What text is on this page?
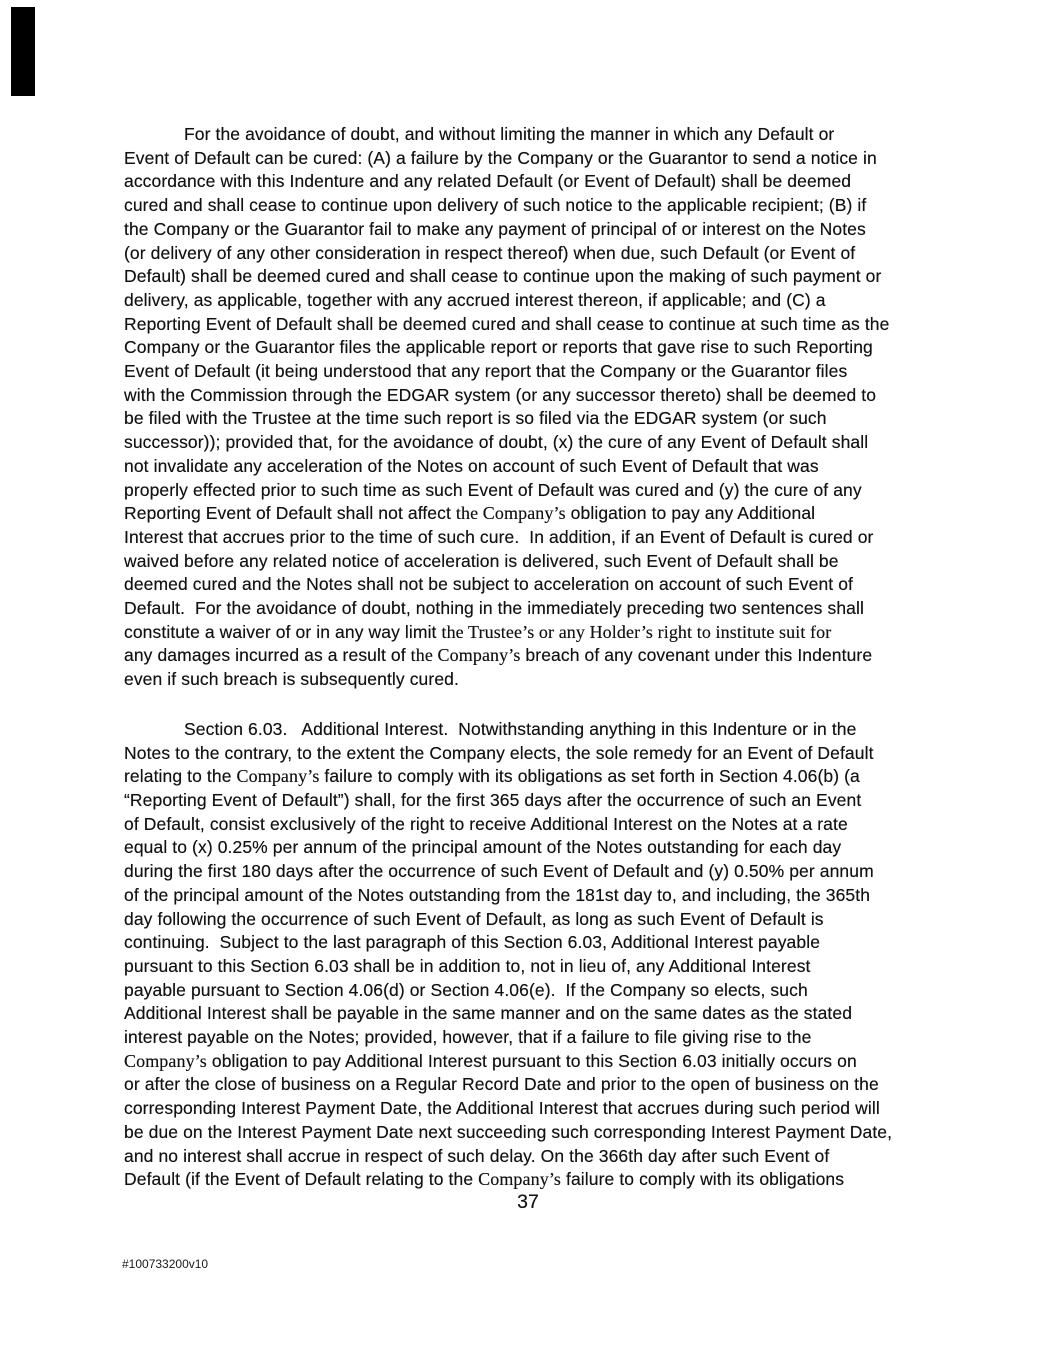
For the avoidance of doubt, and without limiting the manner in which any Default or
Event of Default can be cured: (A) a failure by the Company or the Guarantor to send a notice in
accordance with this Indenture and any related Default (or Event of Default) shall be deemed
cured and shall cease to continue upon delivery of such notice to the applicable recipient; (B) if
the Company or the Guarantor fail to make any payment of principal of or interest on the Notes
(or delivery of any other consideration in respect thereof) when due, such Default (or Event of
Default) shall be deemed cured and shall cease to continue upon the making of such payment or
delivery, as applicable, together with any accrued interest thereon, if applicable; and (C) a
Reporting Event of Default shall be deemed cured and shall cease to continue at such time as the
Company or the Guarantor files the applicable report or reports that gave rise to such Reporting
Event of Default (it being understood that any report that the Company or the Guarantor files
with the Commission through the EDGAR system (or any successor thereto) shall be deemed to
be filed with the Trustee at the time such report is so filed via the EDGAR system (or such
successor)); provided that, for the avoidance of doubt, (x) the cure of any Event of Default shall
not invalidate any acceleration of the Notes on account of such Event of Default that was
properly effected prior to such time as such Event of Default was cured and (y) the cure of any
Reporting Event of Default shall not affect the Company’s obligation to pay any Additional
Interest that accrues prior to the time of such cure.  In addition, if an Event of Default is cured or
waived before any related notice of acceleration is delivered, such Event of Default shall be
deemed cured and the Notes shall not be subject to acceleration on account of such Event of
Default.  For the avoidance of doubt, nothing in the immediately preceding two sentences shall
constitute a waiver of or in any way limit the Trustee’s or any Holder’s right to institute suit for
any damages incurred as a result of the Company’s breach of any covenant under this Indenture
even if such breach is subsequently cured.
Section 6.03.   Additional Interest.  Notwithstanding anything in this Indenture or in the
Notes to the contrary, to the extent the Company elects, the sole remedy for an Event of Default
relating to the Company’s failure to comply with its obligations as set forth in Section 4.06(b) (a
“Reporting Event of Default”) shall, for the first 365 days after the occurrence of such an Event
of Default, consist exclusively of the right to receive Additional Interest on the Notes at a rate
equal to (x) 0.25% per annum of the principal amount of the Notes outstanding for each day
during the first 180 days after the occurrence of such Event of Default and (y) 0.50% per annum
of the principal amount of the Notes outstanding from the 181st day to, and including, the 365th
day following the occurrence of such Event of Default, as long as such Event of Default is
continuing.  Subject to the last paragraph of this Section 6.03, Additional Interest payable
pursuant to this Section 6.03 shall be in addition to, not in lieu of, any Additional Interest
payable pursuant to Section 4.06(d) or Section 4.06(e).  If the Company so elects, such
Additional Interest shall be payable in the same manner and on the same dates as the stated
interest payable on the Notes; provided, however, that if a failure to file giving rise to the
Company’s obligation to pay Additional Interest pursuant to this Section 6.03 initially occurs on
or after the close of business on a Regular Record Date and prior to the open of business on the
corresponding Interest Payment Date, the Additional Interest that accrues during such period will
be due on the Interest Payment Date next succeeding such corresponding Interest Payment Date,
and no interest shall accrue in respect of such delay. On the 366th day after such Event of
Default (if the Event of Default relating to the Company’s failure to comply with its obligations
37
#100733200v10
